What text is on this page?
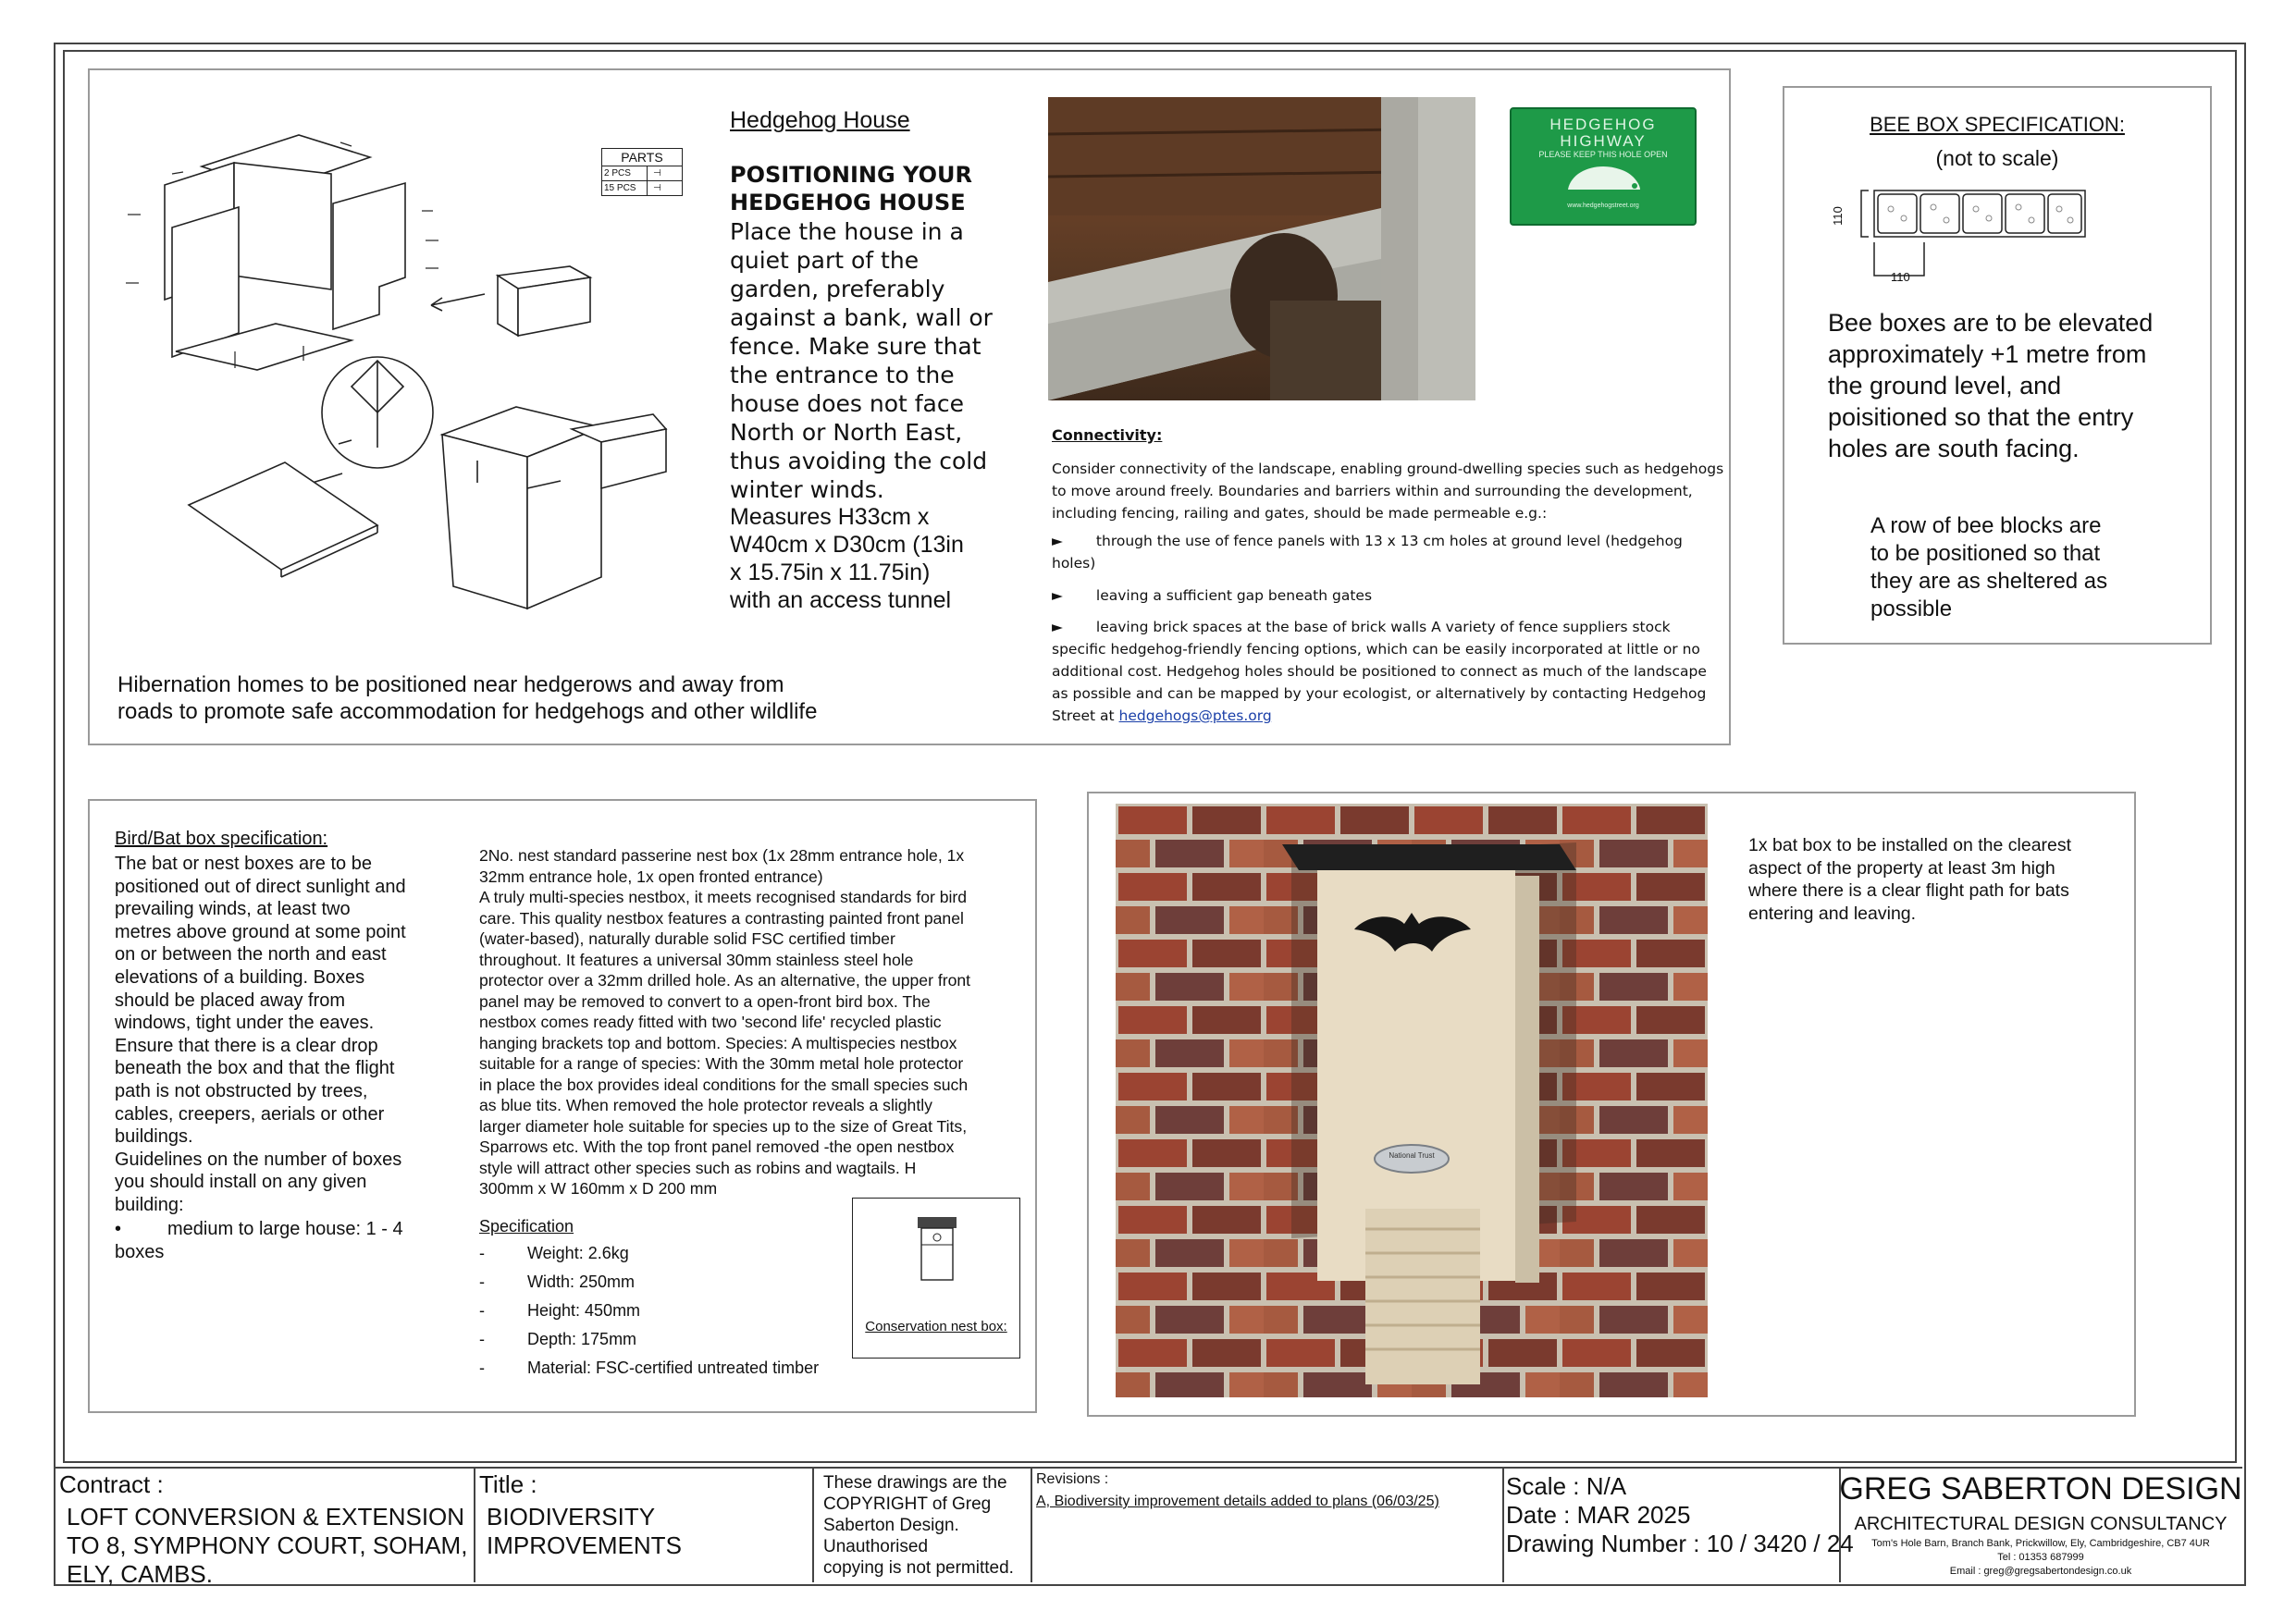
PARTS
2 PCS	⊣
15 PCS	⊣
Hedgehog House
POSITIONING YOUR
HEDGEHOG HOUSE
Place the house in a
quiet part of the
garden, preferably
against a bank, wall or
fence. Make sure that
the entrance to the
house does not face
North or North East,
thus avoiding the cold
winter winds.
Measures H33cm x
W40cm x D30cm (13in
x 15.75in x 11.75in)
with an access tunnel
Hibernation homes to be positioned near hedgerows and away from
roads to promote safe accommodation for hedgehogs and other wildlife
HEDGEHOG
HIGHWAY
PLEASE KEEP THIS HOLE OPEN
www.hedgehogstreet.org
Connectivity:
Consider connectivity of the landscape, enabling ground-dwelling species such as hedgehogs
to move around freely. Boundaries and barriers within and surrounding the development,
including fencing, railing and gates, should be made permeable e.g.:
► through the use of fence panels with 13 x 13 cm holes at ground level (hedgehog
holes)
► leaving a sufficient gap beneath gates
► leaving brick spaces at the base of brick walls A variety of fence suppliers stock
specific hedgehog-friendly fencing options, which can be easily incorporated at little or no
additional cost. Hedgehog holes should be positioned to connect as much of the landscape
as possible and can be mapped by your ecologist, or alternatively by contacting Hedgehog
Street at hedgehogs@ptes.org
BEE BOX SPECIFICATION:
(not to scale)
110
110
Bee boxes are to be elevated
approximately +1 metre from
the ground level, and
poisitioned so that the entry
holes are south facing.
A row of bee blocks are
to be positioned so that
they are as sheltered as
possible
Bird/Bat box specification:
The bat or nest boxes are to be
positioned out of direct sunlight and
prevailing winds, at least two
metres above ground at some point
on or between the north and east
elevations of a building. Boxes
should be placed away from
windows, tight under the eaves.
Ensure that there is a clear drop
beneath the box and that the flight
path is not obstructed by trees,
cables, creepers, aerials or other
buildings.
Guidelines on the number of boxes
you should install on any given
building:
•	medium to large house: 1 - 4
boxes
2No. nest standard passerine nest box (1x 28mm entrance hole, 1x
32mm entrance hole, 1x open fronted entrance)
A truly multi-species nestbox, it meets recognised standards for bird
care. This quality nestbox features a contrasting painted front panel
(water-based), naturally durable solid FSC certified timber
throughout. It features a universal 30mm stainless steel hole
protector over a 32mm drilled hole. As an alternative, the upper front
panel may be removed to convert to a open-front bird box. The
nestbox comes ready fitted with two 'second life' recycled plastic
hanging brackets top and bottom. Species: A multispecies nestbox
suitable for a range of species: With the 30mm metal hole protector
in place the box provides ideal conditions for the small species such
as blue tits. When removed the hole protector reveals a slightly
larger diameter hole suitable for species up to the size of Great Tits,
Sparrows etc. With the top front panel removed -the open nestbox
style will attract other species such as robins and wagtails. H
300mm x W 160mm x D 200 mm
Specification
-	Weight: 2.6kg
-	Width: 250mm
-	Height: 450mm
-	Depth: 175mm
-	Material: FSC-certified untreated timber
Conservation nest box:
National Trust
1x bat box to be installed on the clearest
aspect of the property at least 3m high
where there is a clear flight path for bats
entering and leaving.
Contract :
LOFT CONVERSION & EXTENSION
TO 8, SYMPHONY COURT, SOHAM,
ELY, CAMBS.
Title :
BIODIVERSITY
IMPROVEMENTS
These drawings are the
COPYRIGHT of Greg
Saberton Design.
Unauthorised
copying is not permitted.
Revisions :
A, Biodiversity improvement details added to plans (06/03/25)
Scale : N/A
Date : MAR 2025
Drawing Number : 10 / 3420 / 24
GREG SABERTON DESIGN
ARCHITECTURAL DESIGN CONSULTANCY
Tom's Hole Barn, Branch Bank, Prickwillow, Ely, Cambridgeshire, CB7 4UR
Tel : 01353 687999
Email : greg@gregsabertondesign.co.uk
